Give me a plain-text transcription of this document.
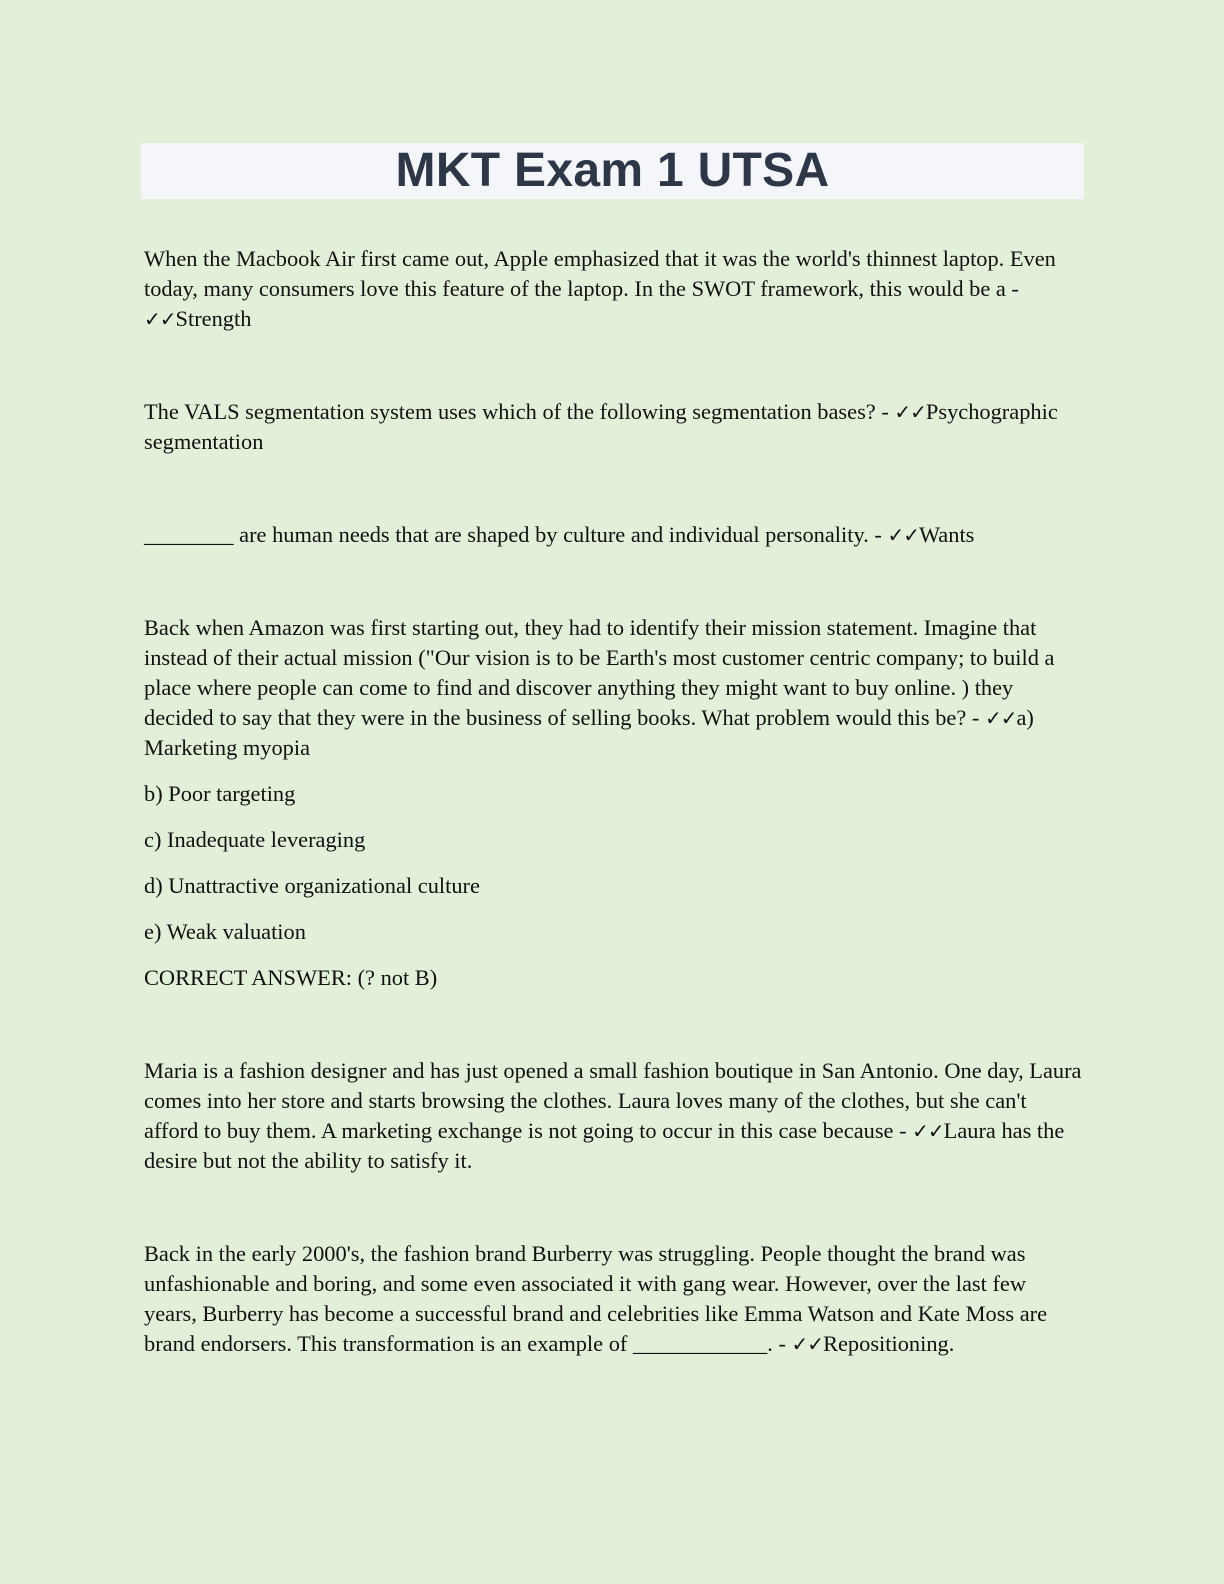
MKT Exam 1 UTSA

When the Macbook Air first came out, Apple emphasized that it was the world's thinnest laptop. Even today, many consumers love this feature of the laptop. In the SWOT framework, this would be a - ✓✓Strength

The VALS segmentation system uses which of the following segmentation bases? - ✓✓Psychographic segmentation

________ are human needs that are shaped by culture and individual personality. - ✓✓Wants

Back when Amazon was first starting out, they had to identify their mission statement. Imagine that instead of their actual mission ("Our vision is to be Earth's most customer centric company; to build a place where people can come to find and discover anything they might want to buy online. ) they decided to say that they were in the business of selling books. What problem would this be? - ✓✓a) Marketing myopia

b) Poor targeting

c) Inadequate leveraging

d) Unattractive organizational culture

e) Weak valuation

CORRECT ANSWER: (? not B)

Maria is a fashion designer and has just opened a small fashion boutique in San Antonio. One day, Laura comes into her store and starts browsing the clothes. Laura loves many of the clothes, but she can't afford to buy them. A marketing exchange is not going to occur in this case because - ✓✓Laura has the desire but not the ability to satisfy it.

Back in the early 2000's, the fashion brand Burberry was struggling. People thought the brand was unfashionable and boring, and some even associated it with gang wear. However, over the last few years, Burberry has become a successful brand and celebrities like Emma Watson and Kate Moss are brand endorsers. This transformation is an example of ____________. - ✓✓Repositioning.
